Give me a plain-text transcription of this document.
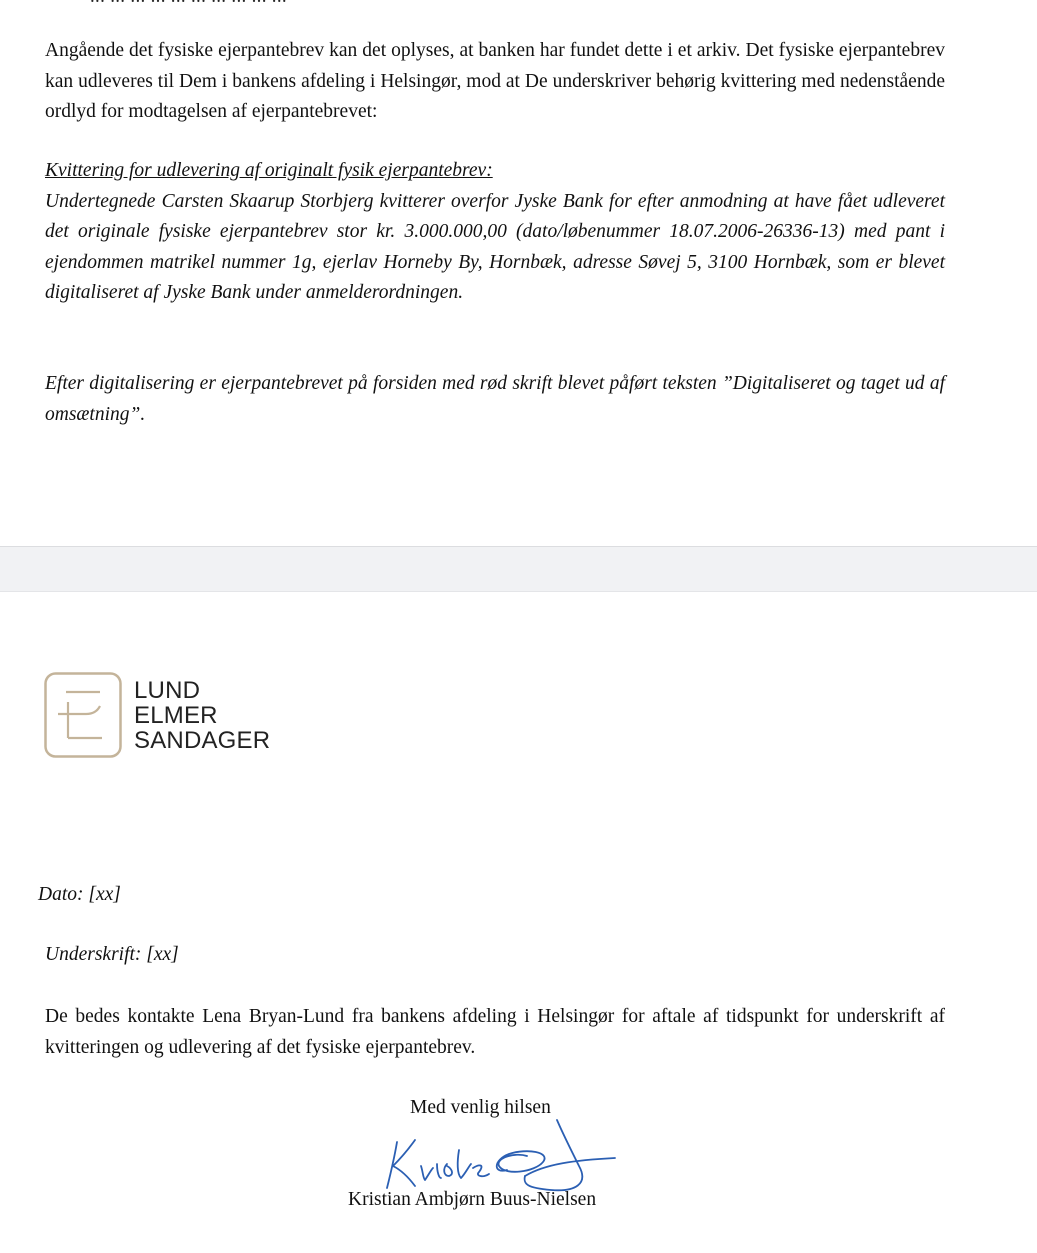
Angående det fysiske ejerpantebrev kan det oplyses, at banken har fundet dette i et arkiv. Det fysiske ejerpantebrev kan udleveres til Dem i bankens afdeling i Helsingør, mod at De underskriver behørig kvittering med nedenstående ordlyd for modtagelsen af ejerpantebrevet:

Kvittering for udlevering af originalt fysik ejerpantebrev:
Undertegnede Carsten Skaarup Storbjerg kvitterer overfor Jyske Bank for efter anmodning at have fået udleveret det originale fysiske ejerpantebrev stor kr. 3.000.000,00 (dato/løbenummer 18.07.2006-26336-13) med pant i ejendommen matrikel nummer 1g, ejerlav Horneby By, Hornbæk, adresse Søvej 5, 3100 Hornbæk, som er blevet digitaliseret af Jyske Bank under anmelderordningen.

Efter digitalisering er ejerpantebrevet på forsiden med rød skrift blevet påført teksten ”Digitaliseret og taget ud af omsætning”.

LUND
ELMER
SANDAGER
Dato: [xx]
Underskrift: [xx]

De bedes kontakte Lena Bryan-Lund fra bankens afdeling i Helsingør for aftale af tidspunkt for underskrift af kvitteringen og udlevering af det fysiske ejerpantebrev.

Med venlig hilsen
Kristian Ambjørn Buus-Nielsen
